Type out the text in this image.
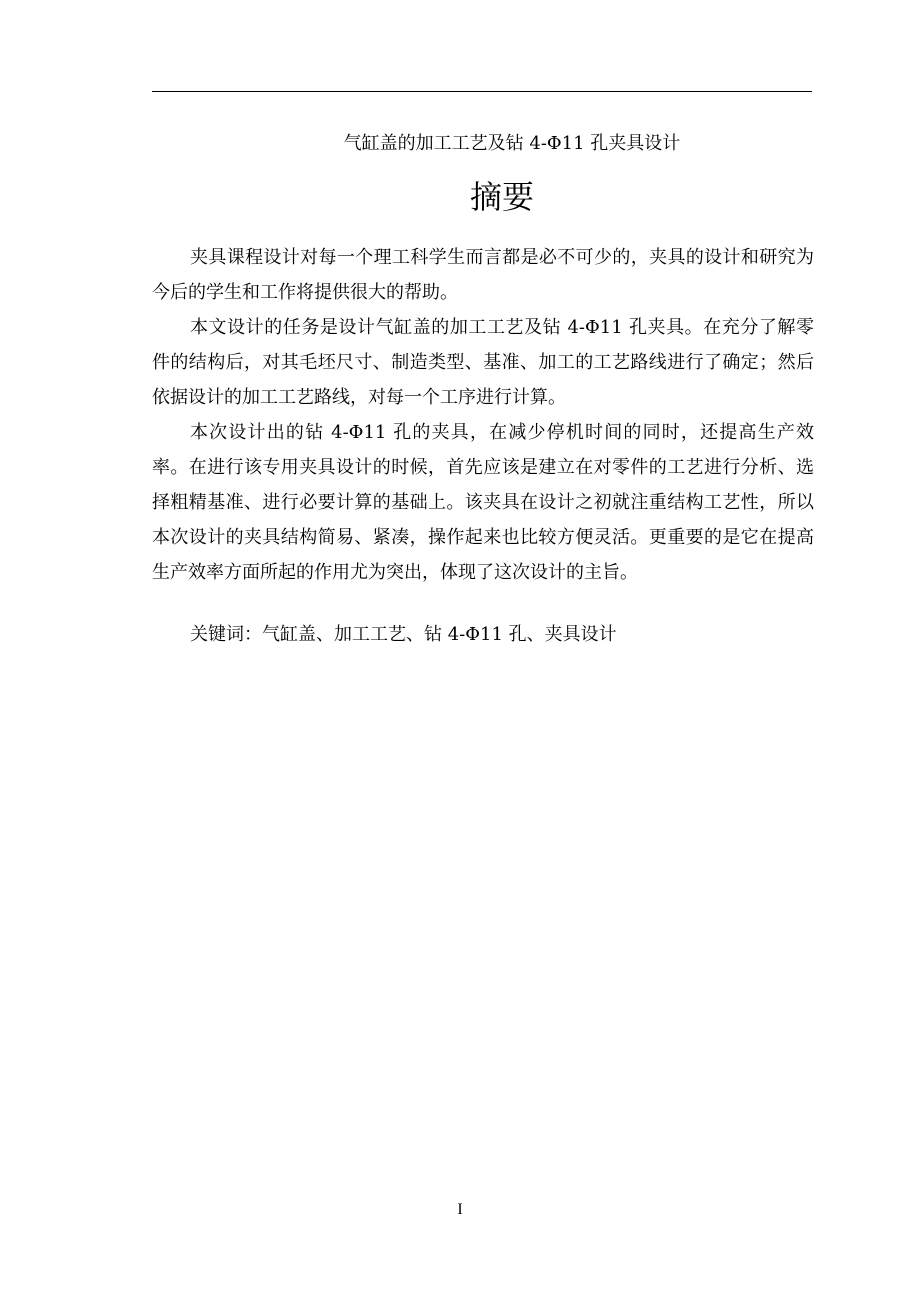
气缸盖的加工工艺及钻 4-Φ11 孔夹具设计
摘要

夹具课程设计对每一个理工科学生而言都是必不可少的，夹具的设计和研究为今后的学生和工作将提供很大的帮助。

本文设计的任务是设计气缸盖的加工工艺及钻 4-Φ11 孔夹具。在充分了解零件的结构后，对其毛坯尺寸、制造类型、基准、加工的工艺路线进行了确定；然后依据设计的加工工艺路线，对每一个工序进行计算。

本次设计出的钻 4-Φ11 孔的夹具，在减少停机时间的同时，还提高生产效率。在进行该专用夹具设计的时候，首先应该是建立在对零件的工艺进行分析、选择粗精基准、进行必要计算的基础上。该夹具在设计之初就注重结构工艺性，所以本次设计的夹具结构简易、紧凑，操作起来也比较方便灵活。更重要的是它在提高生产效率方面所起的作用尤为突出，体现了这次设计的主旨。

关键词：气缸盖、加工工艺、钻 4-Φ11 孔、夹具设计
I
